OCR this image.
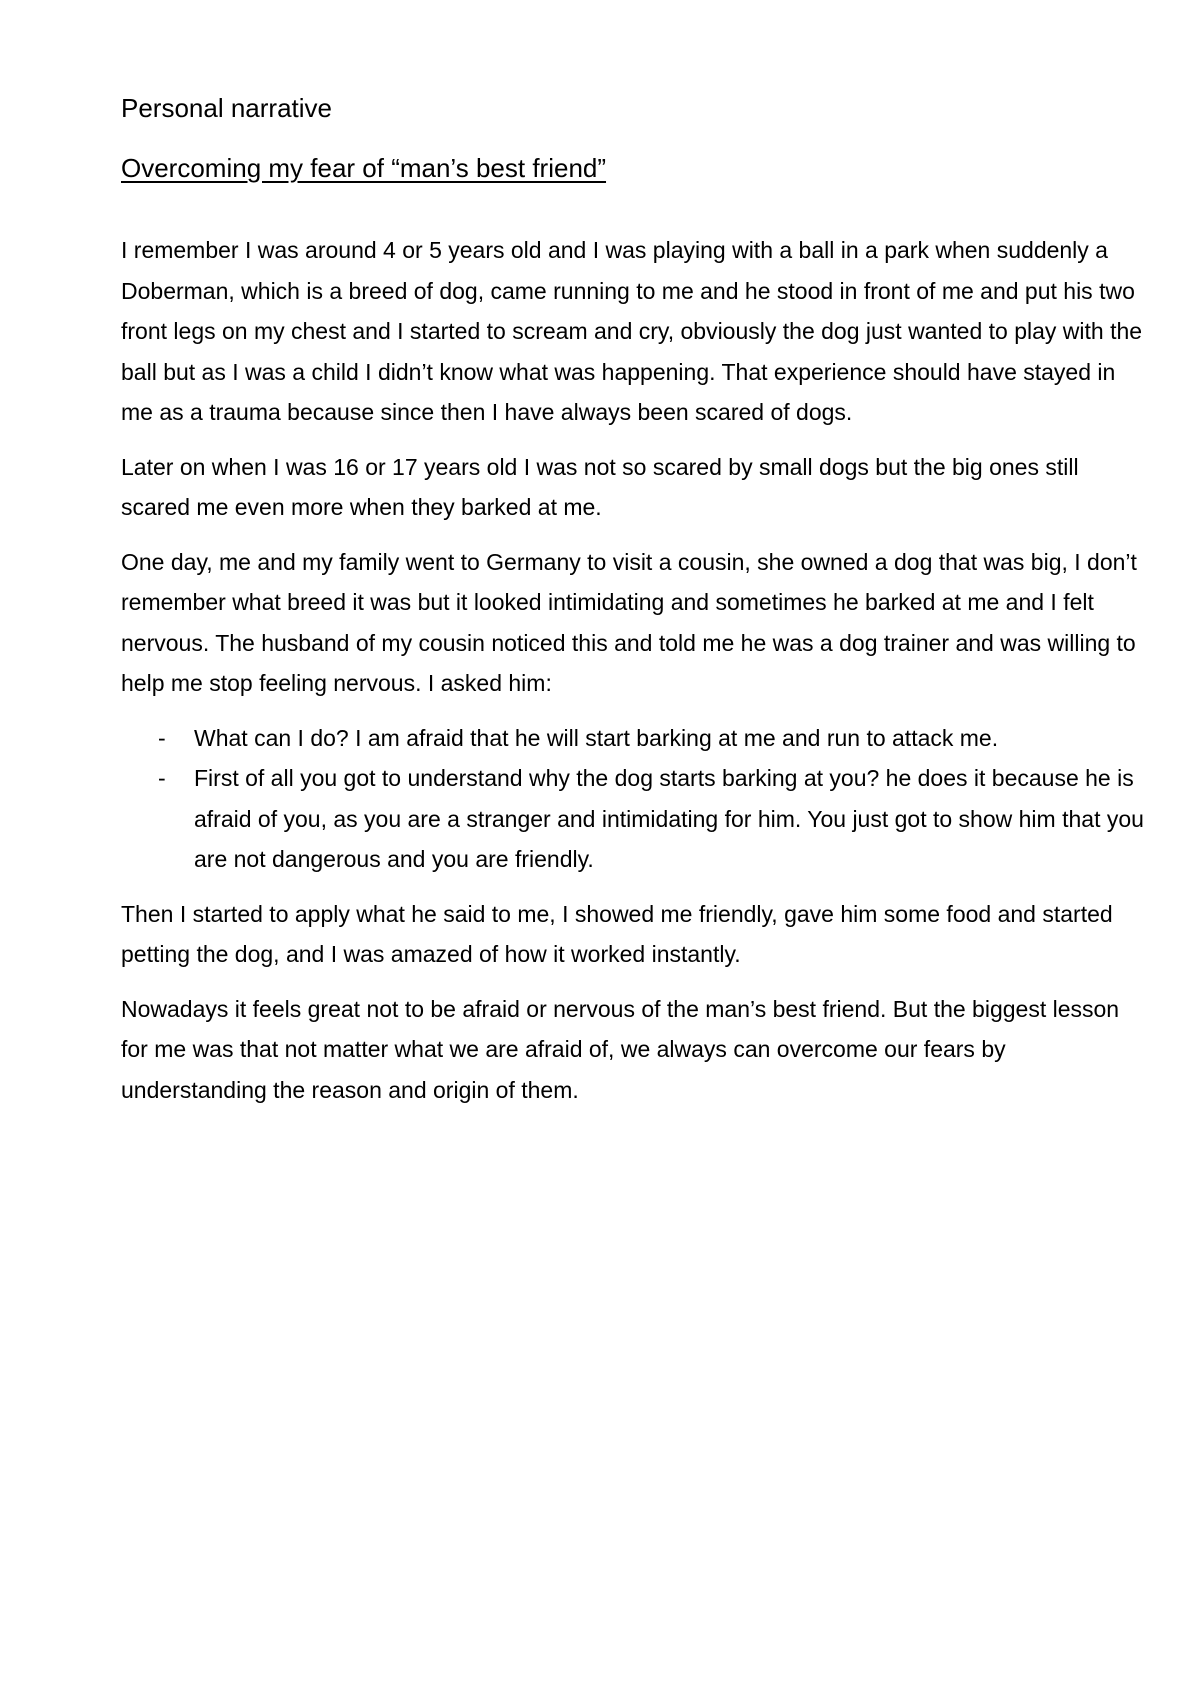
Personal narrative

Overcoming my fear of “man’s best friend”

I remember I was around 4 or 5 years old and I was playing with a ball in a park when suddenly a Doberman, which is a breed of dog, came running to me and he stood in front of me and put his two front legs on my chest and I started to scream and cry, obviously the dog just wanted to play with the ball but as I was a child I didn’t know what was happening. That experience should have stayed in me as a trauma because since then I have always been scared of dogs.

Later on when I was 16 or 17 years old I was not so scared by small dogs but the big ones still scared me even more when they barked at me.

One day, me and my family went to Germany to visit a cousin, she owned a dog that was big, I don’t remember what breed it was but it looked intimidating and sometimes he barked at me and I felt nervous. The husband of my cousin noticed this and told me he was a dog trainer and was willing to help me stop feeling nervous. I asked him:

- What can I do? I am afraid that he will start barking at me and run to attack me.
- First of all you got to understand why the dog starts barking at you? he does it because he is afraid of you, as you are a stranger and intimidating for him. You just got to show him that you are not dangerous and you are friendly.

Then I started to apply what he said to me, I showed me friendly, gave him some food and started petting the dog, and I was amazed of how it worked instantly.

Nowadays it feels great not to be afraid or nervous of the man’s best friend. But the biggest lesson for me was that not matter what we are afraid of, we always can overcome our fears by understanding the reason and origin of them.
